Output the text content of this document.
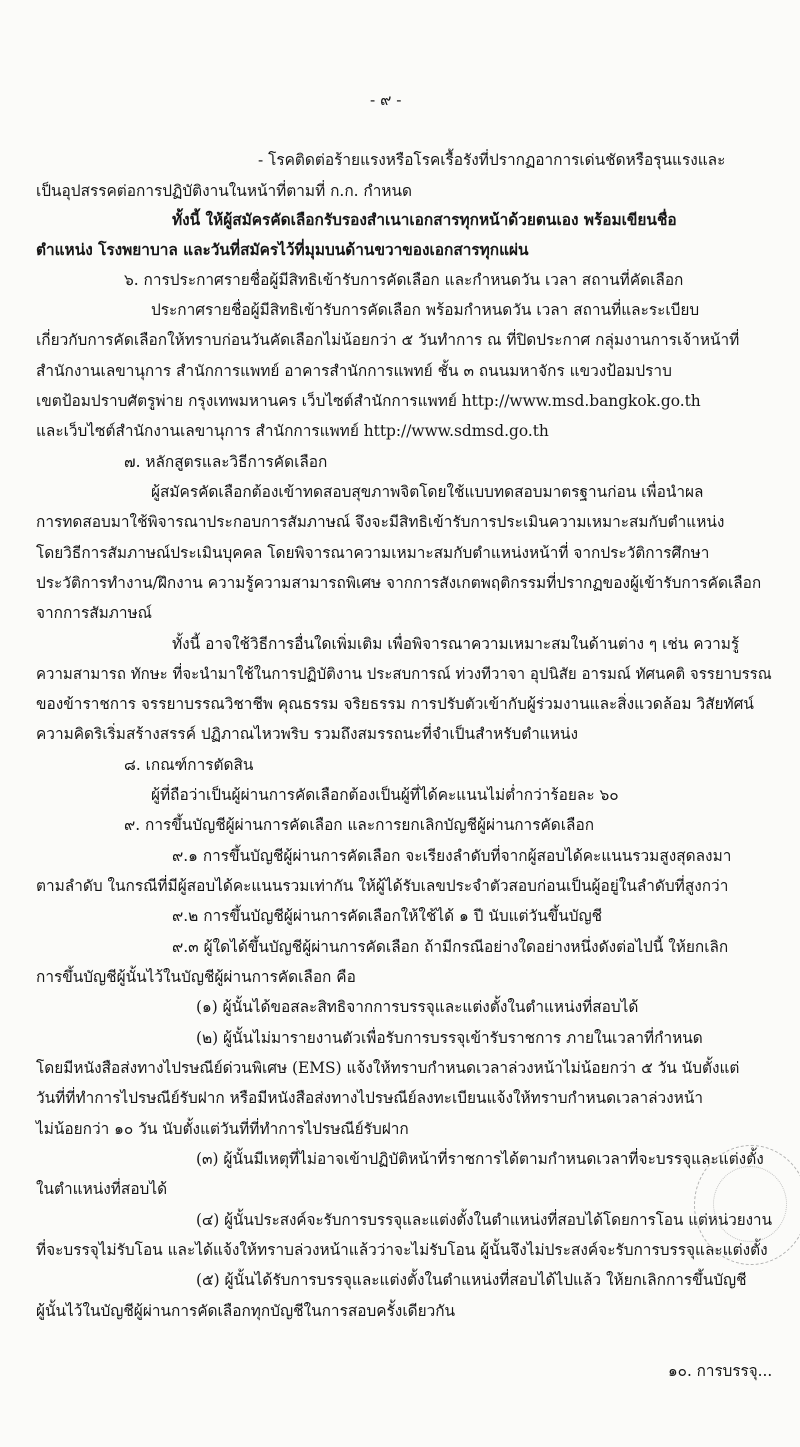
- ๙ -
- โรคติดต่อร้ายแรงหรือโรคเรื้อรังที่ปรากฏอาการเด่นชัดหรือรุนแรงและ
เป็นอุปสรรคต่อการปฏิบัติงานในหน้าที่ตามที่ ก.ก. กำหนด
ทั้งนี้ ให้ผู้สมัครคัดเลือกรับรองสำเนาเอกสารทุกหน้าด้วยตนเอง พร้อมเขียนชื่อ
ตำแหน่ง โรงพยาบาล และวันที่สมัครไว้ที่มุมบนด้านขวาของเอกสารทุกแผ่น
๖. การประกาศรายชื่อผู้มีสิทธิเข้ารับการคัดเลือก และกำหนดวัน เวลา สถานที่คัดเลือก
ประกาศรายชื่อผู้มีสิทธิเข้ารับการคัดเลือก พร้อมกำหนดวัน เวลา สถานที่และระเบียบ
เกี่ยวกับการคัดเลือกให้ทราบก่อนวันคัดเลือกไม่น้อยกว่า ๕ วันทำการ ณ ที่ปิดประกาศ กลุ่มงานการเจ้าหน้าที่
สำนักงานเลขานุการ สำนักการแพทย์ อาคารสำนักการแพทย์ ชั้น ๓ ถนนมหาจักร แขวงป้อมปราบ
เขตป้อมปราบศัตรูพ่าย กรุงเทพมหานคร เว็บไซต์สำนักการแพทย์ http://www.msd.bangkok.go.th
และเว็บไซต์สำนักงานเลขานุการ สำนักการแพทย์ http://www.sdmsd.go.th
๗. หลักสูตรและวิธีการคัดเลือก
ผู้สมัครคัดเลือกต้องเข้าทดสอบสุขภาพจิตโดยใช้แบบทดสอบมาตรฐานก่อน เพื่อนำผล
การทดสอบมาใช้พิจารณาประกอบการสัมภาษณ์ จึงจะมีสิทธิเข้ารับการประเมินความเหมาะสมกับตำแหน่ง
โดยวิธีการสัมภาษณ์ประเมินบุคคล โดยพิจารณาความเหมาะสมกับตำแหน่งหน้าที่ จากประวัติการศึกษา
ประวัติการทำงาน/ฝึกงาน ความรู้ความสามารถพิเศษ จากการสังเกตพฤติกรรมที่ปรากฏของผู้เข้ารับการคัดเลือก
จากการสัมภาษณ์
ทั้งนี้ อาจใช้วิธีการอื่นใดเพิ่มเติม เพื่อพิจารณาความเหมาะสมในด้านต่าง ๆ เช่น ความรู้
ความสามารถ ทักษะ ที่จะนำมาใช้ในการปฏิบัติงาน ประสบการณ์ ท่วงทีวาจา อุปนิสัย อารมณ์ ทัศนคติ จรรยาบรรณ
ของข้าราชการ จรรยาบรรณวิชาชีพ คุณธรรม จริยธรรม การปรับตัวเข้ากับผู้ร่วมงานและสิ่งแวดล้อม วิสัยทัศน์
ความคิดริเริ่มสร้างสรรค์ ปฏิภาณไหวพริบ รวมถึงสมรรถนะที่จำเป็นสำหรับตำแหน่ง
๘. เกณฑ์การตัดสิน
ผู้ที่ถือว่าเป็นผู้ผ่านการคัดเลือกต้องเป็นผู้ที่ได้คะแนนไม่ต่ำกว่าร้อยละ ๖๐
๙. การขึ้นบัญชีผู้ผ่านการคัดเลือก และการยกเลิกบัญชีผู้ผ่านการคัดเลือก
๙.๑ การขึ้นบัญชีผู้ผ่านการคัดเลือก จะเรียงลำดับที่จากผู้สอบได้คะแนนรวมสูงสุดลงมา
ตามลำดับ ในกรณีที่มีผู้สอบได้คะแนนรวมเท่ากัน ให้ผู้ได้รับเลขประจำตัวสอบก่อนเป็นผู้อยู่ในลำดับที่สูงกว่า
๙.๒ การขึ้นบัญชีผู้ผ่านการคัดเลือกให้ใช้ได้ ๑ ปี นับแต่วันขึ้นบัญชี
๙.๓ ผู้ใดได้ขึ้นบัญชีผู้ผ่านการคัดเลือก ถ้ามีกรณีอย่างใดอย่างหนึ่งดังต่อไปนี้ ให้ยกเลิก
การขึ้นบัญชีผู้นั้นไว้ในบัญชีผู้ผ่านการคัดเลือก คือ
(๑) ผู้นั้นได้ขอสละสิทธิจากการบรรจุและแต่งตั้งในตำแหน่งที่สอบได้
(๒) ผู้นั้นไม่มารายงานตัวเพื่อรับการบรรจุเข้ารับราชการ ภายในเวลาที่กำหนด
โดยมีหนังสือส่งทางไปรษณีย์ด่วนพิเศษ (EMS) แจ้งให้ทราบกำหนดเวลาล่วงหน้าไม่น้อยกว่า ๕ วัน นับตั้งแต่
วันที่ที่ทำการไปรษณีย์รับฝาก หรือมีหนังสือส่งทางไปรษณีย์ลงทะเบียนแจ้งให้ทราบกำหนดเวลาล่วงหน้า
ไม่น้อยกว่า ๑๐ วัน นับตั้งแต่วันที่ที่ทำการไปรษณีย์รับฝาก
(๓) ผู้นั้นมีเหตุที่ไม่อาจเข้าปฏิบัติหน้าที่ราชการได้ตามกำหนดเวลาที่จะบรรจุและแต่งตั้ง
ในตำแหน่งที่สอบได้
(๔) ผู้นั้นประสงค์จะรับการบรรจุและแต่งตั้งในตำแหน่งที่สอบได้โดยการโอน แต่หน่วยงาน
ที่จะบรรจุไม่รับโอน และได้แจ้งให้ทราบล่วงหน้าแล้วว่าจะไม่รับโอน ผู้นั้นจึงไม่ประสงค์จะรับการบรรจุและแต่งตั้ง
(๕) ผู้นั้นได้รับการบรรจุและแต่งตั้งในตำแหน่งที่สอบได้ไปแล้ว ให้ยกเลิกการขึ้นบัญชี
ผู้นั้นไว้ในบัญชีผู้ผ่านการคัดเลือกทุกบัญชีในการสอบครั้งเดียวกัน
๑๐. การบรรจุ...
